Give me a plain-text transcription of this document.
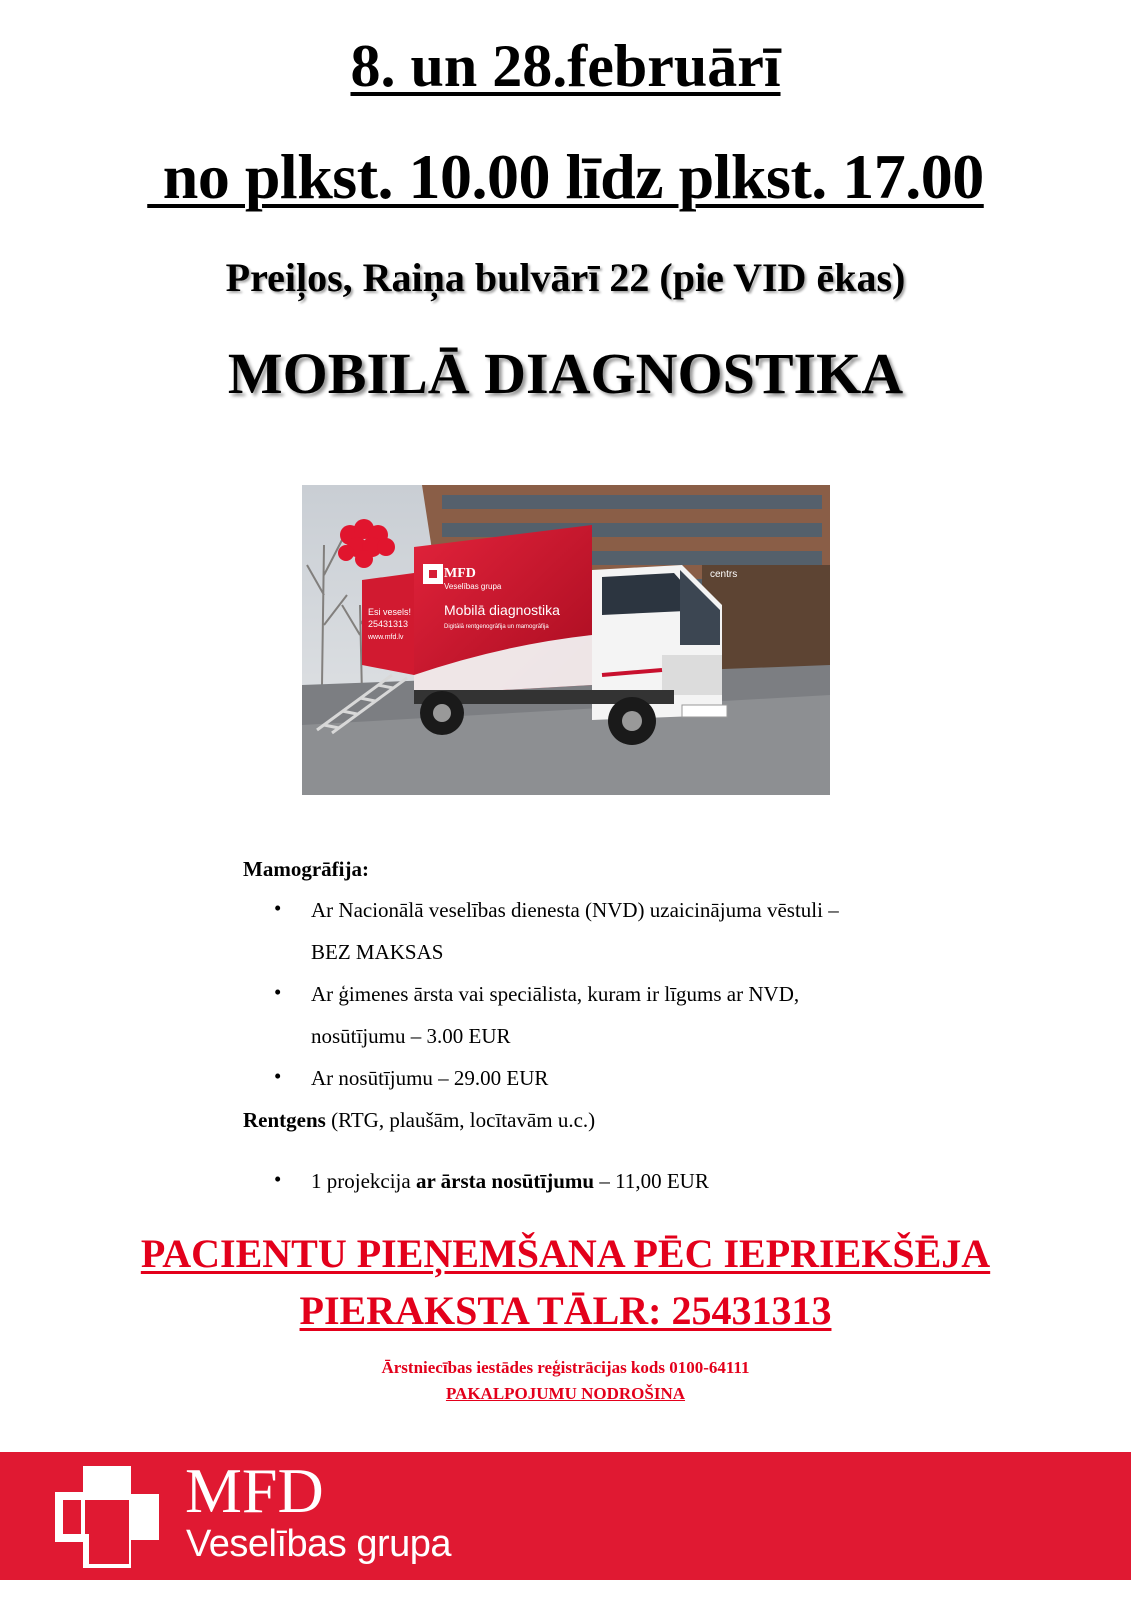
8. un 28.februārī
no plkst. 10.00 līdz plkst. 17.00
Preiļos, Raiņa bulvārī 22 (pie VID ēkas)
MOBILĀ DIAGNOSTIKA
centrs
Esi vesels!
25431313
www.mfd.lv
MFD
Veselības grupa
Mobilā diagnostika
Digitālā rentgenogrāfija un mamogrāfija
Mamogrāfija:
• Ar Nacionālā veselības dienesta (NVD) uzaicinājuma vēstuli –
BEZ MAKSAS
• Ar ģimenes ārsta vai speciālista, kuram ir līgums ar NVD,
nosūtījumu – 3.00 EUR
• Ar nosūtījumu – 29.00 EUR
Rentgens (RTG, plaušām, locītavām u.c.)
• 1 projekcija ar ārsta nosūtījumu – 11,00 EUR
PACIENTU PIEŅEMŠANA PĒC IEPRIEKŠĒJA
PIERAKSTA TĀLR: 25431313
Ārstniecības iestādes reģistrācijas kods 0100-64111
PAKALPOJUMU NODROŠINA
MFD
Veselības grupa
